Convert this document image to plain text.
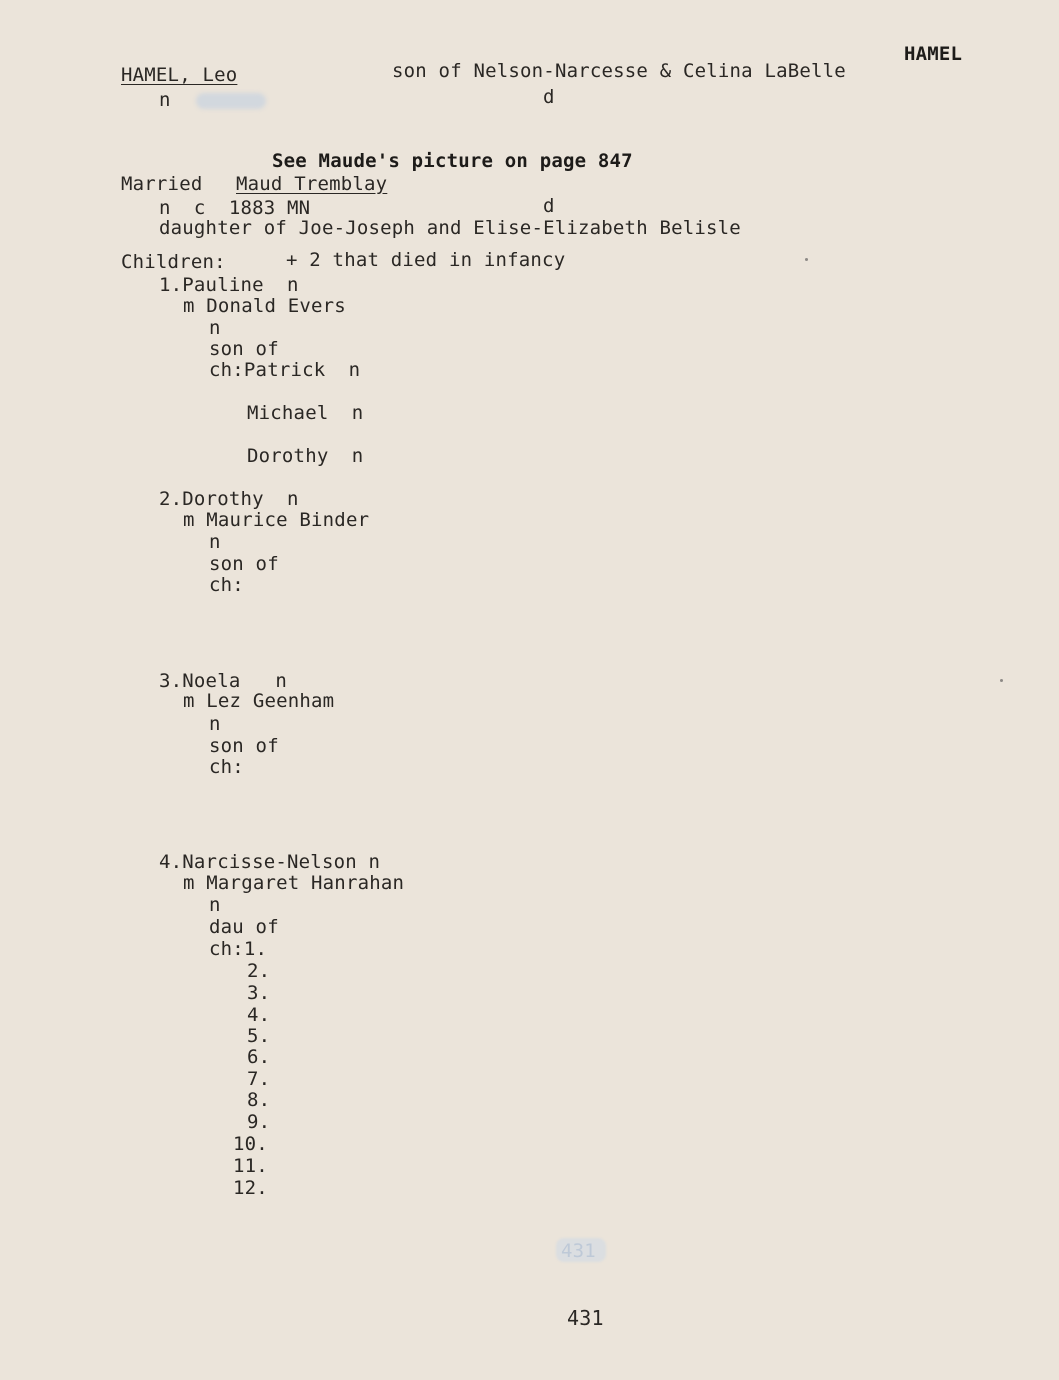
HAMEL
HAMEL, Leo	son of Nelson-Narcesse & Celina LaBelle
n	d
See Maude's picture on page 847
Married Maud Tremblay
n  c  1883 MN	d
daughter of Joe-Joseph and Elise-Elizabeth Belisle
Children:	+ 2 that died in infancy
1.Pauline  n
m Donald Evers
n
son of
ch:Patrick  n
Michael  n
Dorothy  n
2.Dorothy  n
m Maurice Binder
n
son of
ch:
3.Noela   n
m Lez Geenham
n
son of
ch:
4.Narcisse-Nelson n
m Margaret Hanrahan
n
dau of
ch:1.
2.
3.
4.
5.
6.
7.
8.
9.
10.
11.
12.
431
431
